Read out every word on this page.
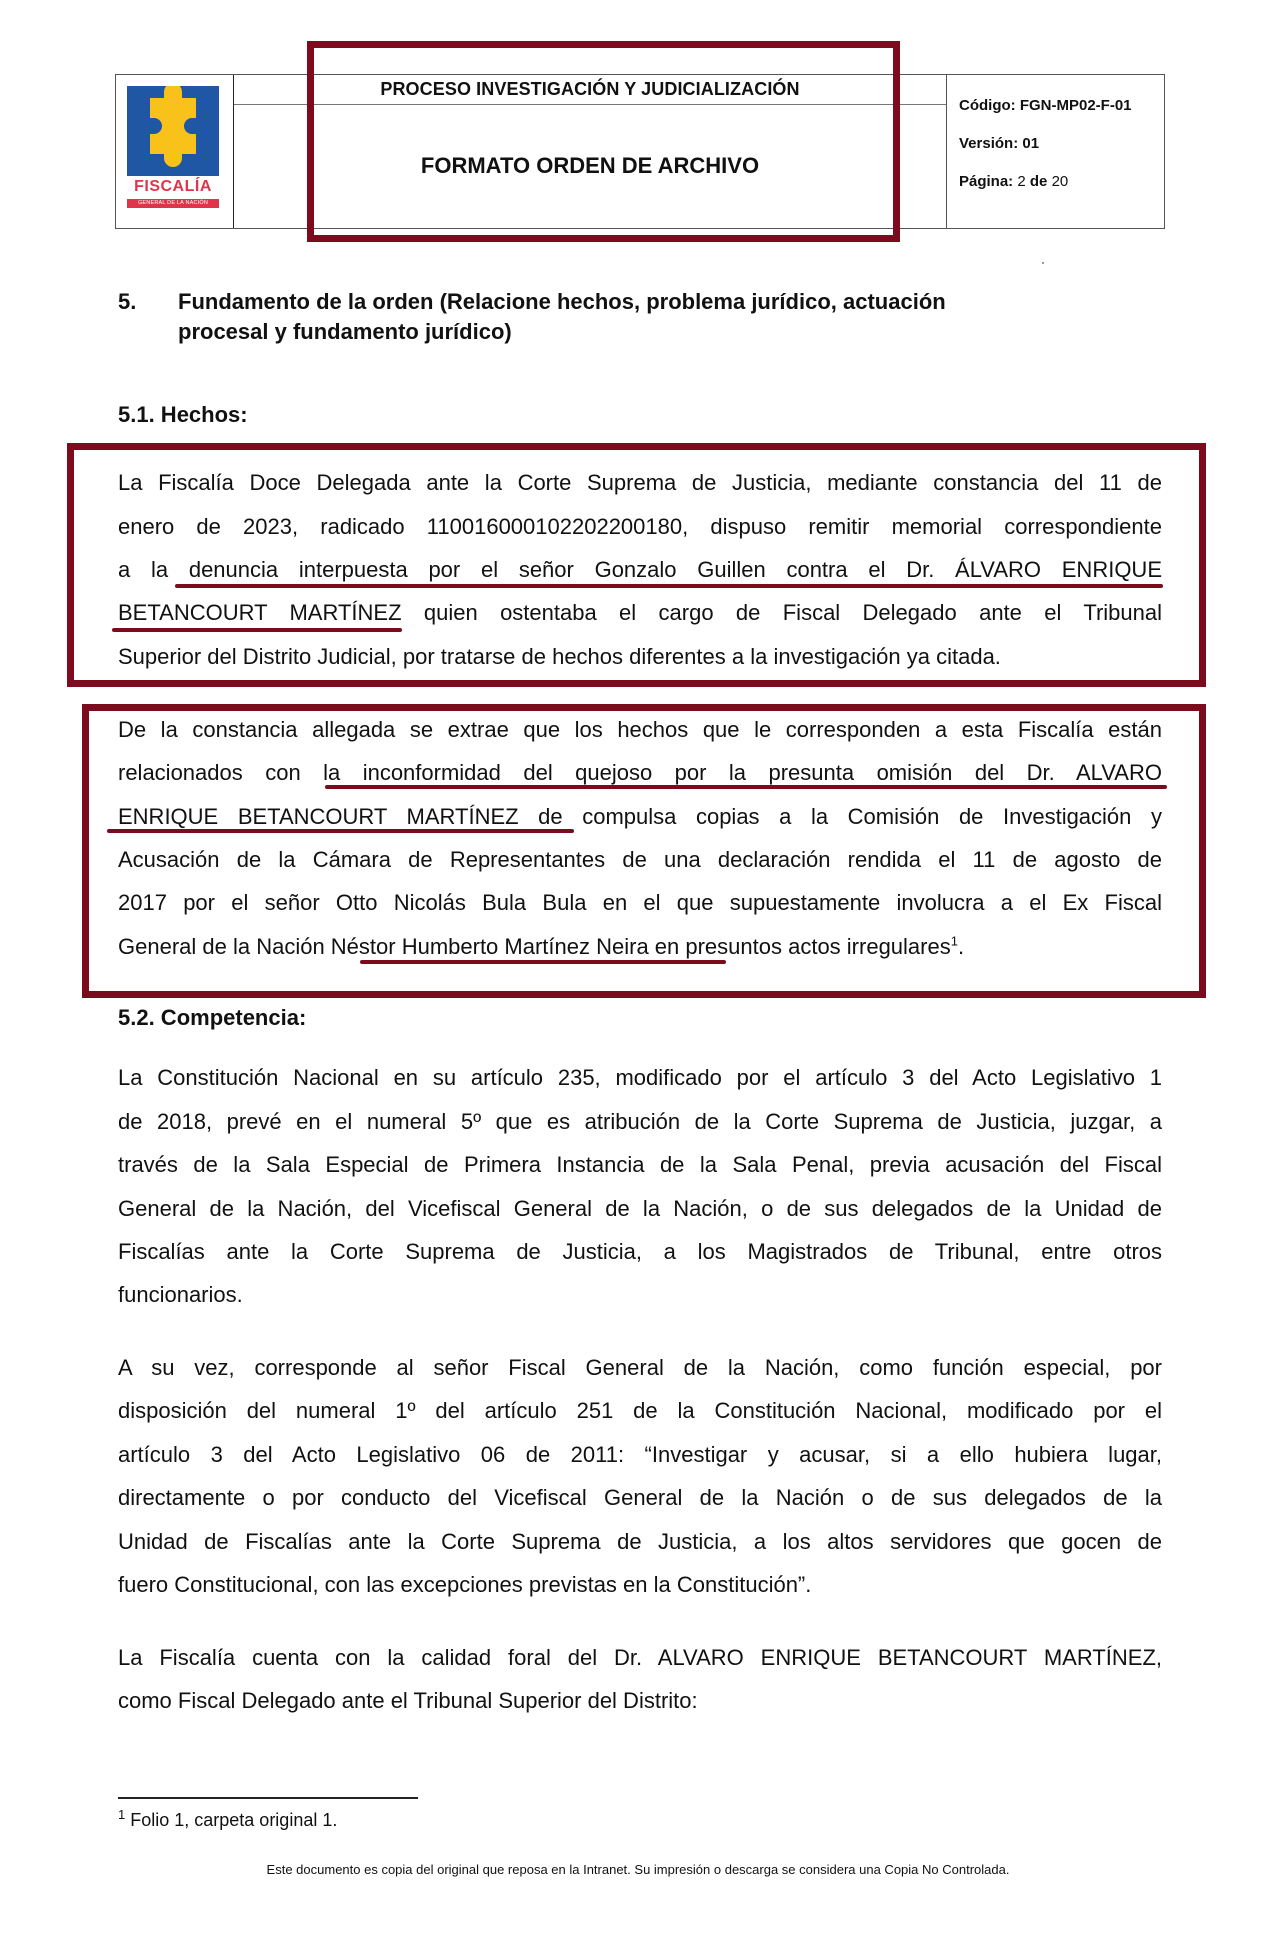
FISCALÍA
GENERAL DE LA NACIÓN
PROCESO INVESTIGACIÓN Y JUDICIALIZACIÓN
FORMATO ORDEN DE ARCHIVO
Código: FGN-MP02-F-01
Versión: 01
Página: 2 de 20
5. Fundamento de la orden (Relacione hechos, problema jurídico, actuación
procesal y fundamento jurídico)
5.1. Hechos:
La Fiscalía Doce Delegada ante la Corte Suprema de Justicia, mediante constancia del 11 de
enero de 2023, radicado 110016000102202200180, dispuso remitir memorial correspondiente
a la denuncia interpuesta por el señor Gonzalo Guillen contra el Dr. ÁLVARO ENRIQUE
BETANCOURT MARTÍNEZ quien ostentaba el cargo de Fiscal Delegado ante el Tribunal
Superior del Distrito Judicial, por tratarse de hechos diferentes a la investigación ya citada.
De la constancia allegada se extrae que los hechos que le corresponden a esta Fiscalía están
relacionados con la inconformidad del quejoso por la presunta omisión del Dr. ALVARO
ENRIQUE BETANCOURT MARTÍNEZ de compulsa copias a la Comisión de Investigación y
Acusación de la Cámara de Representantes de una declaración rendida el 11 de agosto de
2017 por el señor Otto Nicolás Bula Bula en el que supuestamente involucra a el Ex Fiscal
General de la Nación Néstor Humberto Martínez Neira en presuntos actos irregulares$^1$.
5.2. Competencia:
La Constitución Nacional en su artículo 235, modificado por el artículo 3 del Acto Legislativo 1
de 2018, prevé en el numeral 5º que es atribución de la Corte Suprema de Justicia, juzgar, a
través de la Sala Especial de Primera Instancia de la Sala Penal, previa acusación del Fiscal
General de la Nación, del Vicefiscal General de la Nación, o de sus delegados de la Unidad de
Fiscalías ante la Corte Suprema de Justicia, a los Magistrados de Tribunal, entre otros
funcionarios.
A su vez, corresponde al señor Fiscal General de la Nación, como función especial, por
disposición del numeral 1º del artículo 251 de la Constitución Nacional, modificado por el
artículo 3 del Acto Legislativo 06 de 2011: “Investigar y acusar, si a ello hubiera lugar,
directamente o por conducto del Vicefiscal General de la Nación o de sus delegados de la
Unidad de Fiscalías ante la Corte Suprema de Justicia, a los altos servidores que gocen de
fuero Constitucional, con las excepciones previstas en la Constitución”.
La Fiscalía cuenta con la calidad foral del Dr. ALVARO ENRIQUE BETANCOURT MARTÍNEZ,
como Fiscal Delegado ante el Tribunal Superior del Distrito:
$^1$ Folio 1, carpeta original 1.
Este documento es copia del original que reposa en la Intranet. Su impresión o descarga se considera una Copia No Controlada.
